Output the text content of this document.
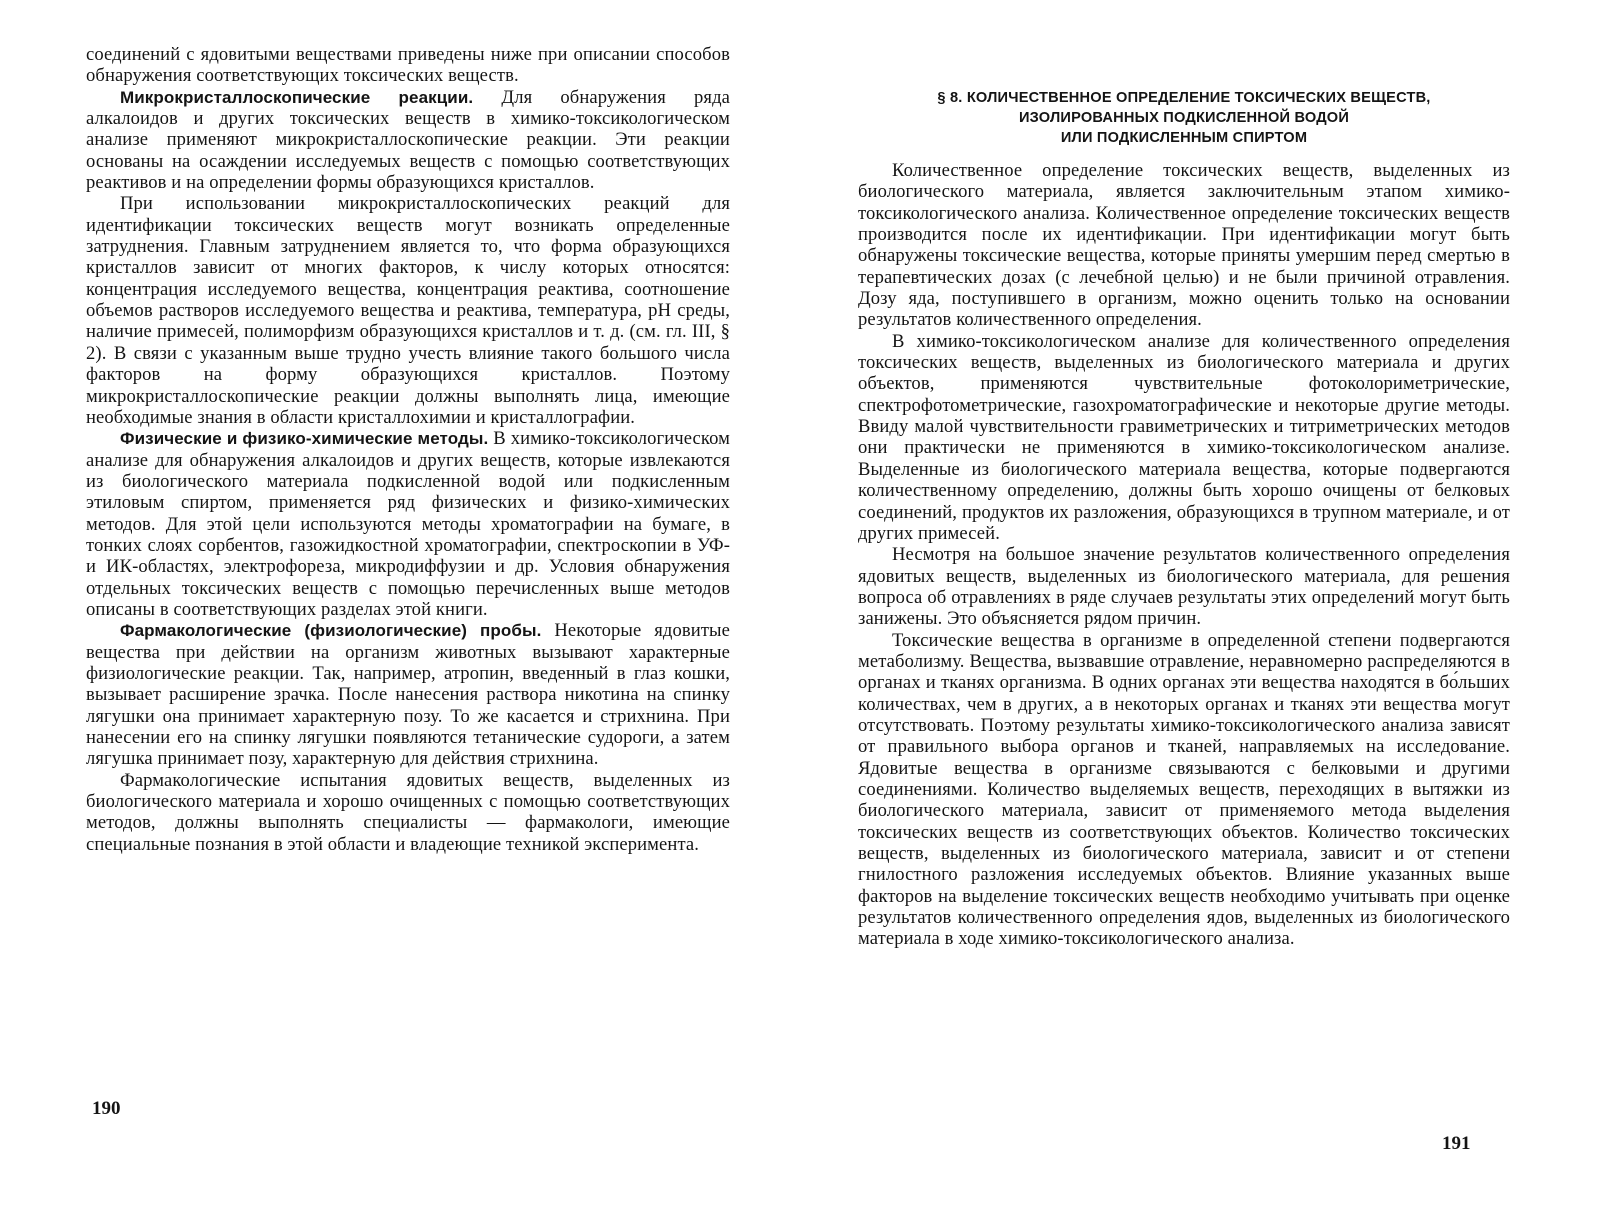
соединений с ядовитыми веществами приведены ниже при описании способов обнаружения соответствующих токсических веществ.

Микрокристаллоскопические реакции. Для обнаружения ряда алкалоидов и других токсических веществ в химико-токсикологическом анализе применяют микрокристаллоскопические реакции. Эти реакции основаны на осаждении исследуемых веществ с помощью соответствующих реактивов и на определении формы образующихся кристаллов.

При использовании микрокристаллоскопических реакций для идентификации токсических веществ могут возникать определенные затруднения. Главным затруднением является то, что форма образующихся кристаллов зависит от многих факторов, к числу которых относятся: концентрация исследуемого вещества, концентрация реактива, соотношение объемов растворов исследуемого вещества и реактива, температура, pH среды, наличие примесей, полиморфизм образующихся кристаллов и т. д. (см. гл. III, § 2). В связи с указанным выше трудно учесть влияние такого большого числа факторов на форму образующихся кристаллов. Поэтому микрокристаллоскопические реакции должны выполнять лица, имеющие необходимые знания в области кристаллохимии и кристаллографии.

Физические и физико-химические методы. В химико-токсикологическом анализе для обнаружения алкалоидов и других веществ, которые извлекаются из биологического материала подкисленной водой или подкисленным этиловым спиртом, применяется ряд физических и физико-химических методов. Для этой цели используются методы хроматографии на бумаге, в тонких слоях сорбентов, газожидкостной хроматографии, спектроскопии в УФ- и ИК-областях, электрофореза, микродиффузии и др. Условия обнаружения отдельных токсических веществ с помощью перечисленных выше методов описаны в соответствующих разделах этой книги.

Фармакологические (физиологические) пробы. Некоторые ядовитые вещества при действии на организм животных вызывают характерные физиологические реакции. Так, например, атропин, введенный в глаз кошки, вызывает расширение зрачка. После нанесения раствора никотина на спинку лягушки она принимает характерную позу. То же касается и стрихнина. При нанесении его на спинку лягушки появляются тетанические судороги, а затем лягушка принимает позу, характерную для действия стрихнина.

Фармакологические испытания ядовитых веществ, выделенных из биологического материала и хорошо очищенных с помощью соответствующих методов, должны выполнять специалисты — фармакологи, имеющие специальные познания в этой области и владеющие техникой эксперимента.

190
§ 8. КОЛИЧЕСТВЕННОЕ ОПРЕДЕЛЕНИЕ ТОКСИЧЕСКИХ ВЕЩЕСТВ,
ИЗОЛИРОВАННЫХ ПОДКИСЛЕННОЙ ВОДОЙ
ИЛИ ПОДКИСЛЕННЫМ СПИРТОМ

Количественное определение токсических веществ, выделенных из биологического материала, является заключительным этапом химико-токсикологического анализа. Количественное определение токсических веществ производится после их идентификации. При идентификации могут быть обнаружены токсические вещества, которые приняты умершим перед смертью в терапевтических дозах (с лечебной целью) и не были причиной отравления. Дозу яда, поступившего в организм, можно оценить только на основании результатов количественного определения.

В химико-токсикологическом анализе для количественного определения токсических веществ, выделенных из биологического материала и других объектов, применяются чувствительные фотоколориметрические, спектрофотометрические, газохроматографические и некоторые другие методы. Ввиду малой чувствительности гравиметрических и титриметрических методов они практически не применяются в химико-токсикологическом анализе. Выделенные из биологического материала вещества, которые подвергаются количественному определению, должны быть хорошо очищены от белковых соединений, продуктов их разложения, образующихся в трупном материале, и от других примесей.

Несмотря на большое значение результатов количественного определения ядовитых веществ, выделенных из биологического материала, для решения вопроса об отравлениях в ряде случаев результаты этих определений могут быть занижены. Это объясняется рядом причин.

Токсические вещества в организме в определенной степени подвергаются метаболизму. Вещества, вызвавшие отравление, неравномерно распределяются в органах и тканях организма. В одних органах эти вещества находятся в бо́льших количествах, чем в других, а в некоторых органах и тканях эти вещества могут отсутствовать. Поэтому результаты химико-токсикологического анализа зависят от правильного выбора органов и тканей, направляемых на исследование. Ядовитые вещества в организме связываются с белковыми и другими соединениями. Количество выделяемых веществ, переходящих в вытяжки из биологического материала, зависит от применяемого метода выделения токсических веществ из соответствующих объектов. Количество токсических веществ, выделенных из биологического материала, зависит и от степени гнилостного разложения исследуемых объектов. Влияние указанных выше факторов на выделение токсических веществ необходимо учитывать при оценке результатов количественного определения ядов, выделенных из биологического материала в ходе химико-токсикологического анализа.

191
